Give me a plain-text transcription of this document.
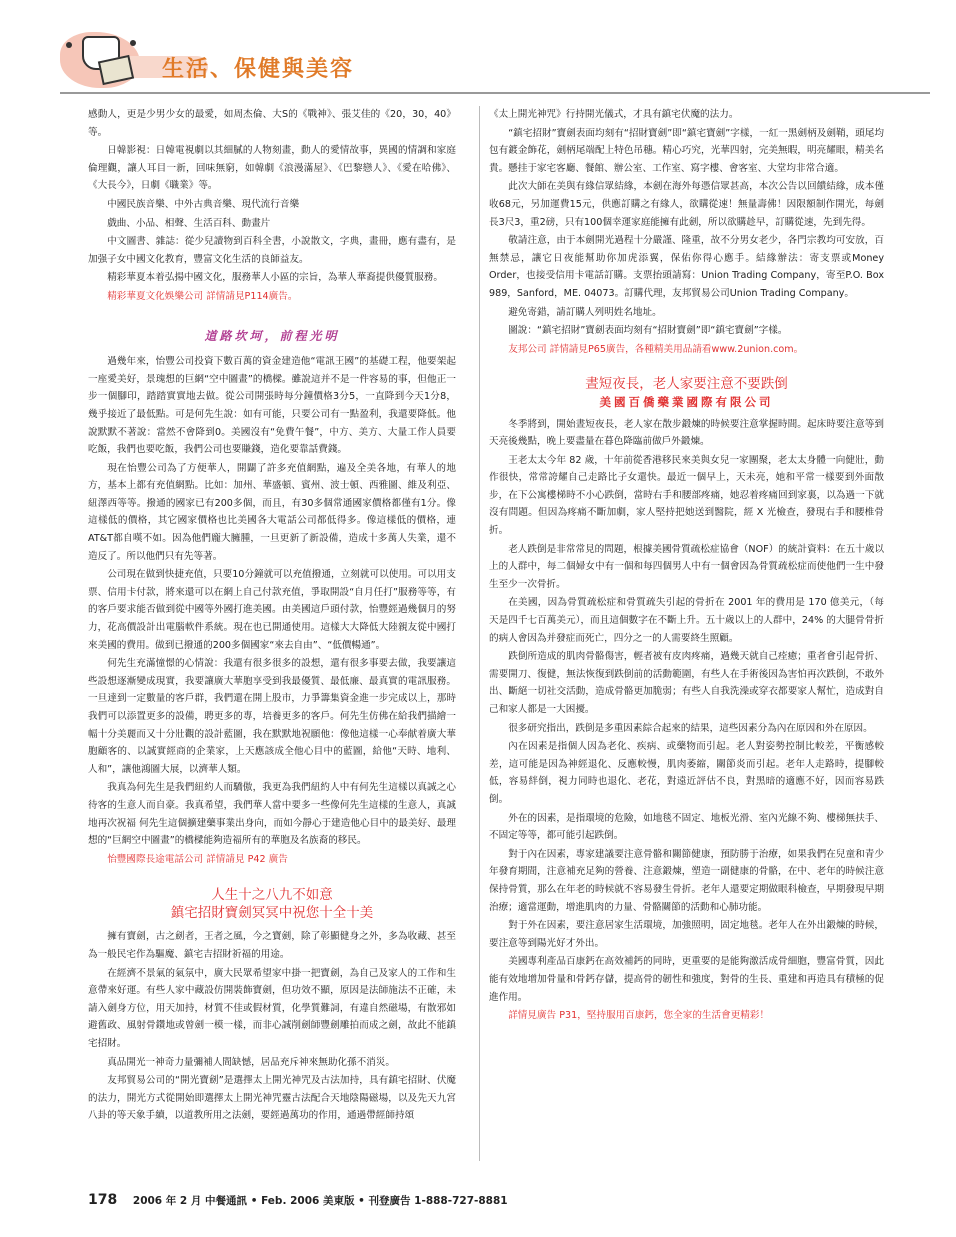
生活、保健與美容

感動人，更是少男少女的最愛，如周杰倫、大S的《戰神》、張艾佳的《20，30，40》等。

日韓影視：日韓電視劇以其細膩的人物刻畫，動人的愛情故事，異國的情調和家庭倫理觀，讓人耳目一新，回味無窮，如韓劇《浪漫滿屋》、《巴黎戀人》、《愛在哈佛》、《大長今》，日劇《職業》等。

中國民族音樂、中外古典音樂、現代流行音樂

戲曲、小品、相聲、生活百科、動畫片

中文圖書、雜誌：從少兒讀物到百科全書，小說散文，字典，畫冊，應有盡有，是加强子女中國文化教育，豐富文化生活的良師益友。

精彩華夏本着弘揚中國文化，服務華人小區的宗旨，為華人華裔提供優質服務。

精彩華夏文化娛樂公司 詳情請見P114廣告。

道路坎坷，前程光明

過幾年來，怡豐公司投資下數百萬的資金建造他“電訊王國”的基礎工程，他要架起一座愛美好，景瑰想的巨網“空中圖畫”的橋樑。雖說這并不是一件容易的事，但他正一步一個腳印，踏踏實實地去做。從公司開張時每分鐘價格3分5，一直降到今天1分8，幾乎接近了最低點。可是何先生說：如有可能，只要公司有一點盈利，我還要降低。他說默默不著說：當然不會降到0。美國沒有“免費午餐”，中方、美方、大量工作人員要吃飯，我們也要吃飯，我們公司也要賺錢，造化要靠話費錢。

現在怡豐公司為了方便華人，開闢了許多充值網點，遍及全美各地，有華人的地方，基本上都有充值網點。比如：加州、華盛頓、賓州、波士頓、西雅圖、維及利亞、紐澤西等等。撥通的國家已有200多個，而且，有30多個常通國家價格都僅有1分。像這樣低的價格，其它國家價格也比美國各大電話公司都低得多。像這樣低的價格，連AT&T都自嘆不如。因為他們龐大臃腫，一旦更新了新設備，造成十多萬人失業，還不造反了。所以他們只有先等著。

公司現在做到快捷充值，只要10分鐘就可以充值撥通，立刻就可以使用。可以用支票、信用卡付款，將來還可以在網上自己付款充值，爭取開設“自月任打”服務等等，有的客戶要求能否做到從中國等外國打進美國。由美國這戶頭付款，怡豐經過幾個月的努力，花高價設計出電腦軟件系統。現在也已開通使用。這樣大大降低大陸親友從中國打來美國的費用。做到已撥通的200多個國家“來去自由”、“低價暢通”。

何先生充滿憧憬的心情說：我還有很多很多的設想，還有很多事要去做，我要讓這些設想逐漸變成現實，我要讓廣大華胞享受到我最優質、最低廉、最真實的電訊服務。一旦達到一定數量的客戶群，我們還在開上股市，力爭籌集資金進一步完成以上，那時我們可以添置更多的設備，聘更多的專，培養更多的客戶。何先生仿佛在給我們描繪一幅十分美麗而又十分壯觀的設計藍圖，我在默默地祝願他：像他這樣一心奉献着廣大華胞顧客的、以誠實經商的企業家，上天應該成全他心目中的藍圖，給他“天時、地利、人和”，讓他鴻圖大展，以濟華人類。

我真為何先生是我們紐約人而驕傲，我更為我們紐約人中有何先生這樣以真誠之心待客的生意人而自豪。我真希望，我們華人當中要多一些像何先生這樣的生意人，真誠地再次祝福 何先生這個擴建藥事業出身向，而如今靜心于建造他心目中的最美好、最理想的“巨網空中圖畫”的橋樑能夠造福所有的華胞及名族裔的移民。

怡豐國際長途電話公司 詳情請見 P42 廣告

人生十之八九不如意
鎮宅招財寶劍冥冥中祝您十全十美

擁有寶劍，古之劍者，王者之風，今之寶劍，除了彰顯健身之外，多為收藏、甚至為一般民宅作為驅魔、鎮宅吉招財祈福的用途。

在經濟不景氣的氣氛中，廣大民眾希望家中掛一把寶劍，為自己及家人的工作和生意帶來好運。有些人家中藏設仿開裝飾寶劍，但功效不顯，原因是法師施法不正確，未請入劍身方位，用天加持，材質不佳或假材質，化學質難詞，有違自然磁場，有散邪如避舊政、風射骨鑽地或曾劍一模一樣，而非心誠削劍師豐劍雕拍而成之劍，故此不能鎮宅招財。

真品開光一神奇力量彌補人間缺憾，居品充斥神來無助化孫不消災。

友邦貿易公司的“開光寶劍”是選擇太上開光神咒及古法加持，具有鎮宅招財、伏魔的法力，開光方式從開始即選擇太上開光神咒靈古法配合天地陰陽磁場，以及先天九宮八卦的等天象手續，以道教所用之法劍，要經過萬功的作用，通過帶經師持頌

《太上開光神咒》行持開光儀式，才具有鎮宅伏魔的法力。

“鎮宅招財”寶劍表面均刻有“招財寶劍”即“鎮宅寶劍”字樣，一紅一黑劍柄及劍鞘，頭尾均包有鍍金飾花，劍柄尾端配上特色吊穗。精心巧究，光華四射，完美無暇，明亮耀眼，精美名貴。懸挂于家宅客廳、餐館、辦公室、工作室、寫字樓、會客室、大堂均非常合適。

此次大師在美與有緣信眾結緣，本劍在海外每憑信眾甚高，本次公告以回饋結緣，成本僅收68元，另加運費15元，供應訂購之有緣人，欲購從速！無量壽佛！因限額制作開光，每劍長3尺3，重2磅，只有100個幸運家庭能擁有此劍，所以欲購趁早，訂購從速，先到先得。

敬請注意，由于本劍開光過程十分嚴謹、隆重，故不分男女老少，各門宗教均可安放，百無禁忌，讓它日夜能幫助你加虎添翼，保佑你得心應手。結緣辦法：寄支票或Money Order，也接受信用卡電話訂購。支票抬頭請寫：Union Trading Company，寄至P.O. Box 989，Sanford，ME. 04073。訂購代理，友邦貿易公司Union Trading Company。

避免寄錯，請訂購人列明姓名地址。

圖說：“鎮宅招財”寶劍表面均刻有“招財寶劍”即“鎮宅寶劍”字樣。

友邦公司 詳情請見P65廣告，各種精美用品請看www.2union.com。

晝短夜長，老人家要注意不要跌倒
美國百僑藥業國際有限公司

冬季將到，開始晝短夜長，老人家在散步鍛煉的時候要注意掌握時間。起床時要注意等到天亮後幾點，晚上要盡量在暮色降臨前做戶外鍛煉。

王老太太今年 82 歲，十年前從香港移民來美與女兒一家團聚，老太太身體一向健壯，動作很快，常常誇耀自己走路比子女還快。最近一個早上，天未亮，她和平常一樣要到外面散步，在下公寓樓梯時不小心跌倒，當時右手和腰部疼痛，她忍着疼痛回到家裏，以為過一下就沒有問題。但因為疼痛不斷加劇，家人堅持把她送到醫院，經 X 光檢查，發現右手和腰椎骨折。

老人跌倒是非常常見的問題，根據美國骨質疏松症協會（NOF）的統計資料：在五十歲以上的人群中，每二個婦女中有一個和每四個男人中有一個會因為骨質疏松症而使他們一生中發生至少一次骨折。

在美國，因為骨質疏松症和骨質疏失引起的骨折在 2001 年的費用是 170 億美元，（每天是四千七百萬美元），而且這個數字在不斷上升。五十歲以上的人群中，24% 的大腿骨骨折的病人會因為并發症而死亡，四分之一的人需要終生照顧。

跌倒所造成的肌肉骨骼傷害，輕者被有皮肉疼痛，過幾天就自己痊癒；重者會引起骨折、需要開刀、復健，無法恢復到跌倒前的活動範圍，有些人在手術後因為害怕再次跌倒，不敢外出、斷絕一切社交活動，造成骨骼更加脆弱；有些人自我洗澡或穿衣都要家人幫忙，造成對自己和家人都是一大困擾。

很多研究指出，跌倒是多重因素綜合起來的結果，這些因素分為內在原因和外在原因。

內在因素是指個人因為老化、疾病、或藥物而引起。老人對姿勢控制比較差，平衡感較差，這可能是因為神經退化、反應較慢，肌肉萎縮，關節炎而引起。老年人走路時，提腳較低，容易絆倒，視力同時也退化、老花，對遠近評估不良，對黑暗的適應不好，因而容易跌倒。

外在的因素，是指環境的危險，如地毯不固定、地板光滑、室內光線不夠、樓梯無扶手、不固定等等，都可能引起跌倒。

對于內在因素，專家建議要注意骨骼和關節健康，預防勝于治療，如果我們在兒童和青少年發育期間，注意補充足夠的營養、注意鍛煉，塑造一副健康的骨骼，在中、老年的時候注意保持骨質，那么在年老的時候就不容易發生骨折。老年人還要定期做眼科檢查，早期發現早期治療；適當運動，增進肌肉的力量、骨骼關節的活動和心肺功能。

對于外在因素，要注意居家生活環境，加強照明，固定地毯。老年人在外出鍛煉的時候，要注意等到陽光好才外出。

美國專利產品百康鈣在高效補鈣的同時，更重要的是能夠激活成骨細胞，豐富骨質，因此能有效地增加骨量和骨鈣存儲，提高骨的韌性和強度，對骨的生長、重建和再造具有積極的促進作用。

詳情見廣告 P31，堅持服用百康鈣，您全家的生活會更精彩！

178 2006 年 2 月 中餐通訊 • Feb. 2006 美東版 • 刊登廣告 1-888-727-8881
